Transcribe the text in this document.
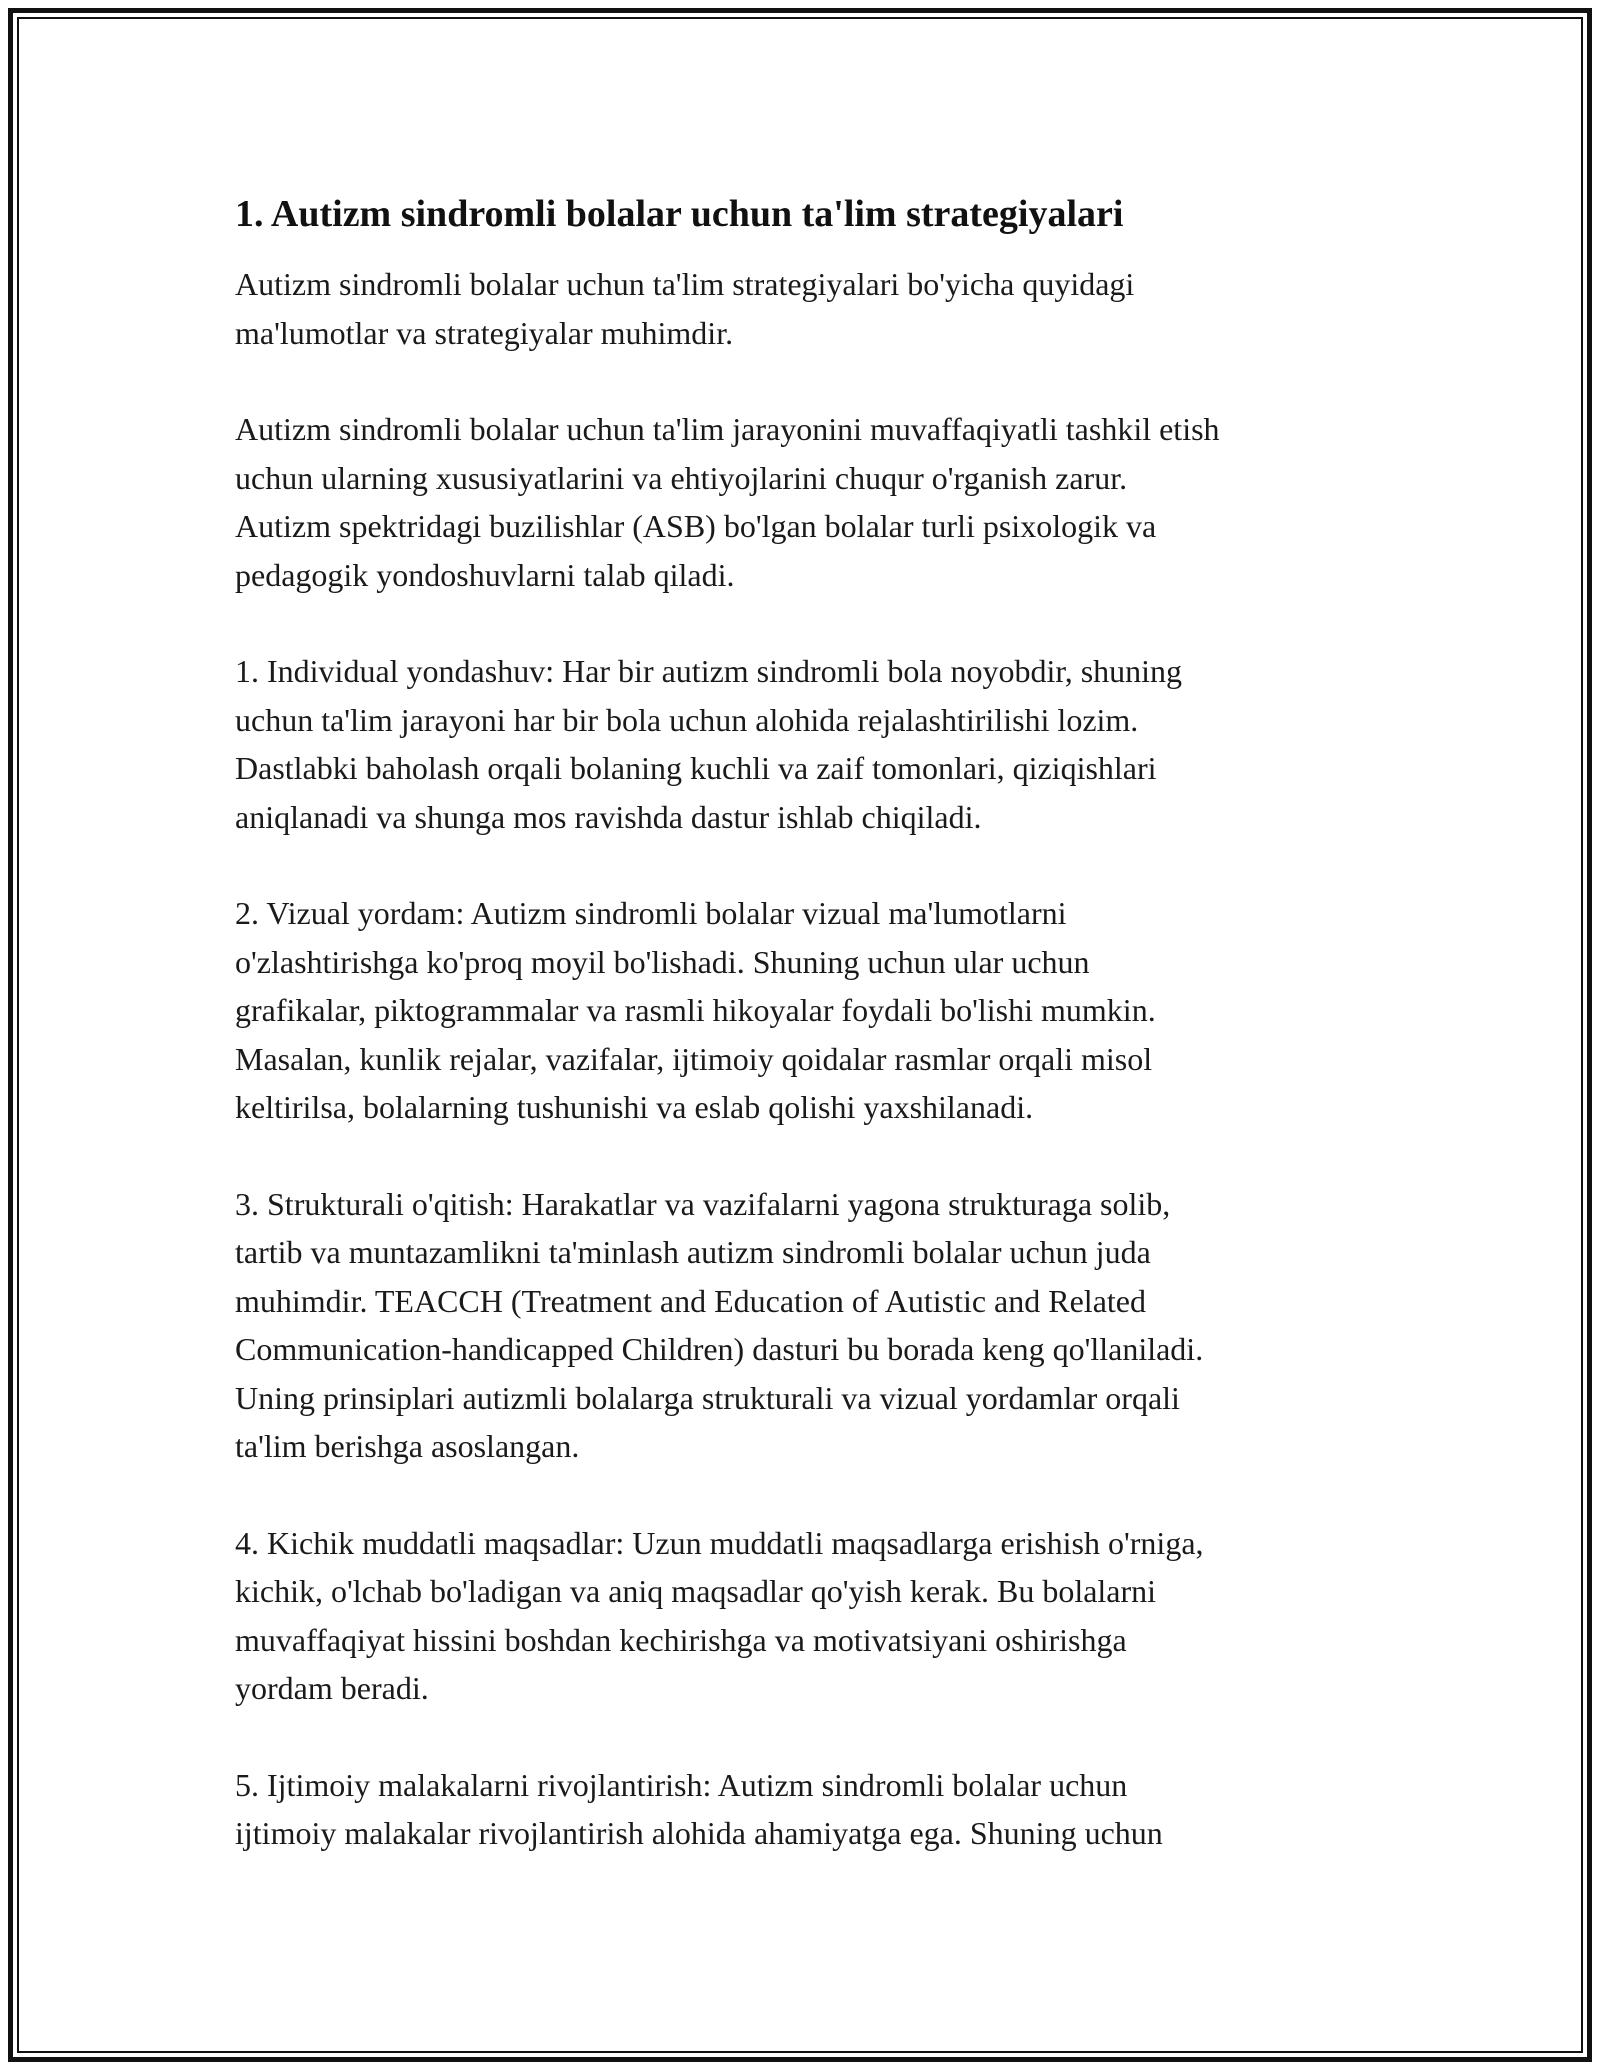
1. Autizm sindromli bolalar uchun ta'lim strategiyalari

Autizm sindromli bolalar uchun ta'lim strategiyalari bo'yicha quyidagi
ma'lumotlar va strategiyalar muhimdir.

Autizm sindromli bolalar uchun ta'lim jarayonini muvaffaqiyatli tashkil etish
uchun ularning xususiyatlarini va ehtiyojlarini chuqur o'rganish zarur.
Autizm spektridagi buzilishlar (ASB) bo'lgan bolalar turli psixologik va
pedagogik yondoshuvlarni talab qiladi.

1. Individual yondashuv: Har bir autizm sindromli bola noyobdir, shuning
uchun ta'lim jarayoni har bir bola uchun alohida rejalashtirilishi lozim.
Dastlabki baholash orqali bolaning kuchli va zaif tomonlari, qiziqishlari
aniqlanadi va shunga mos ravishda dastur ishlab chiqiladi.

2. Vizual yordam: Autizm sindromli bolalar vizual ma'lumotlarni
o'zlashtirishga ko'proq moyil bo'lishadi. Shuning uchun ular uchun
grafikalar, piktogrammalar va rasmli hikoyalar foydali bo'lishi mumkin.
Masalan, kunlik rejalar, vazifalar, ijtimoiy qoidalar rasmlar orqali misol
keltirilsa, bolalarning tushunishi va eslab qolishi yaxshilanadi.

3. Strukturali o'qitish: Harakatlar va vazifalarni yagona strukturaga solib,
tartib va muntazamlikni ta'minlash autizm sindromli bolalar uchun juda
muhimdir. TEACCH (Treatment and Education of Autistic and Related
Communication-handicapped Children) dasturi bu borada keng qo'llaniladi.
Uning prinsiplari autizmli bolalarga strukturali va vizual yordamlar orqali
ta'lim berishga asoslangan.

4. Kichik muddatli maqsadlar: Uzun muddatli maqsadlarga erishish o'rniga,
kichik, o'lchab bo'ladigan va aniq maqsadlar qo'yish kerak. Bu bolalarni
muvaffaqiyat hissini boshdan kechirishga va motivatsiyani oshirishga
yordam beradi.

5. Ijtimoiy malakalarni rivojlantirish: Autizm sindromli bolalar uchun
ijtimoiy malakalar rivojlantirish alohida ahamiyatga ega. Shuning uchun
